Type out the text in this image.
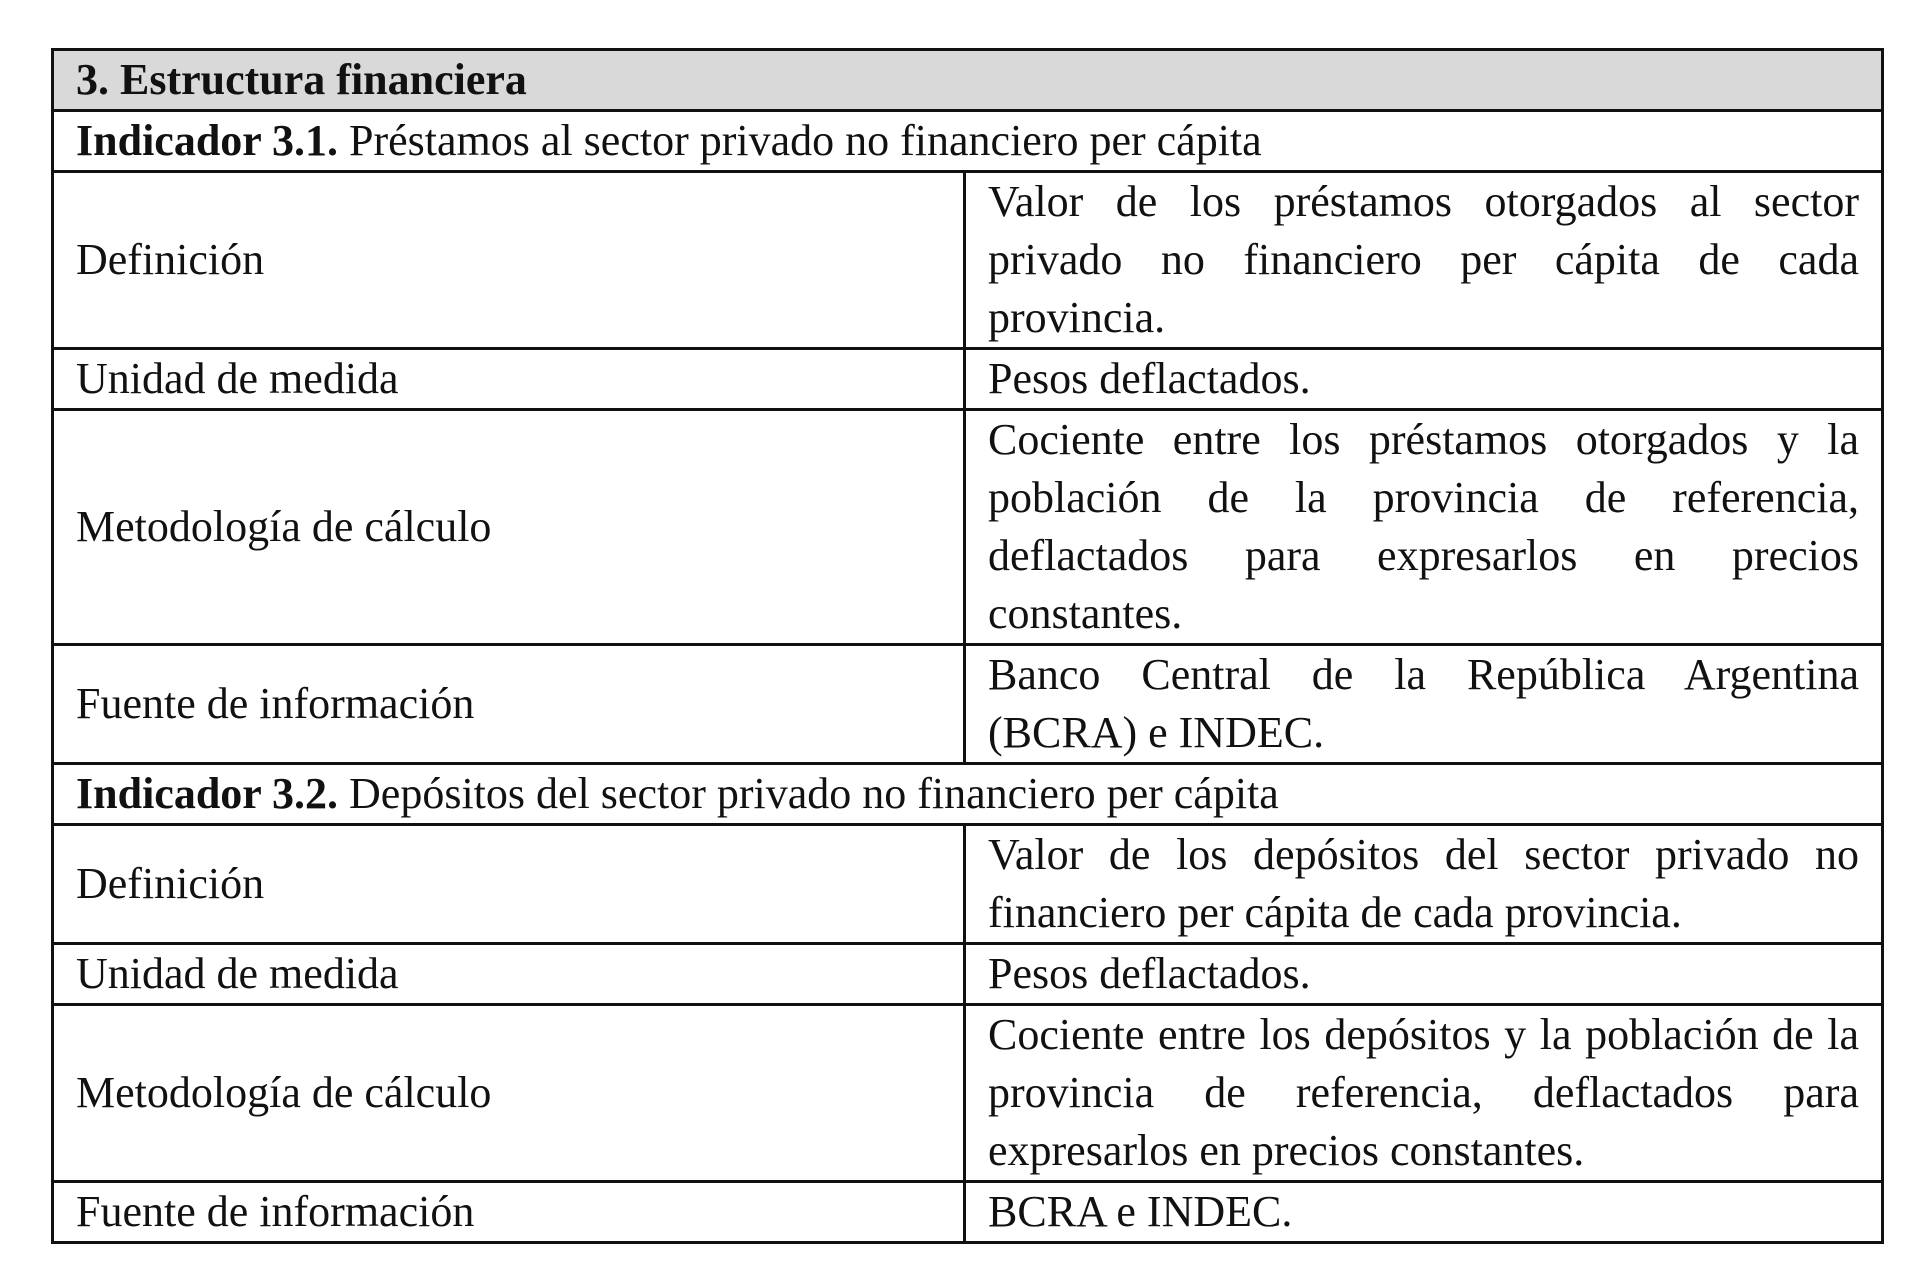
3. Estructura financiera	
Indicador 3.1. Préstamos al sector privado no financiero per cápita	
Definición	Valor de los préstamos otorgados al sector privado no financiero per cápita de cada provincia.
Unidad de medida	Pesos deflactados.
Metodología de cálculo	Cociente entre los préstamos otorgados y la población de la provincia de referencia, deflactados para expresarlos en precios constantes.
Fuente de información	Banco Central de la República Argentina (BCRA) e INDEC.
Indicador 3.2. Depósitos del sector privado no financiero per cápita	
Definición	Valor de los depósitos del sector privado no financiero per cápita de cada provincia.
Unidad de medida	Pesos deflactados.
Metodología de cálculo	Cociente entre los depósitos y la población de la provincia de referencia, deflactados para expresarlos en precios constantes.
Fuente de información	BCRA e INDEC.
